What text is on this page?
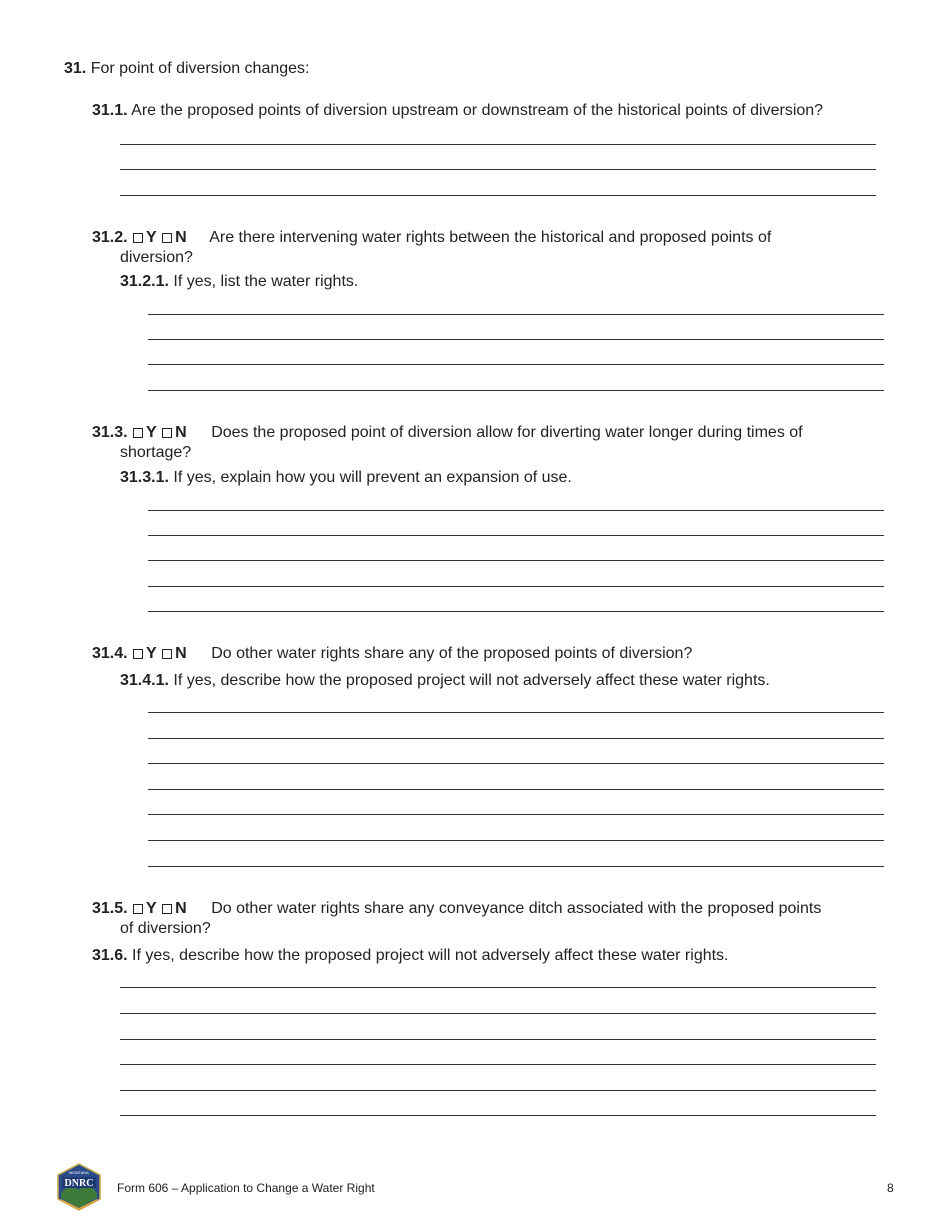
31. For point of diversion changes:
31.1. Are the proposed points of diversion upstream or downstream of the historical points of diversion?
31.2. Y N Are there intervening water rights between the historical and proposed points of
diversion?
31.2.1. If yes, list the water rights.
31.3. Y N Does the proposed point of diversion allow for diverting water longer during times of
shortage?
31.3.1. If yes, explain how you will prevent an expansion of use.
31.4. Y N Do other water rights share any of the proposed points of diversion?
31.4.1. If yes, describe how the proposed project will not adversely affect these water rights.
31.5. Y N Do other water rights share any conveyance ditch associated with the proposed points
of diversion?
31.6. If yes, describe how the proposed project will not adversely affect these water rights.
DNRC
MONTANA
Form 606 – Application to Change a Water Right	8
